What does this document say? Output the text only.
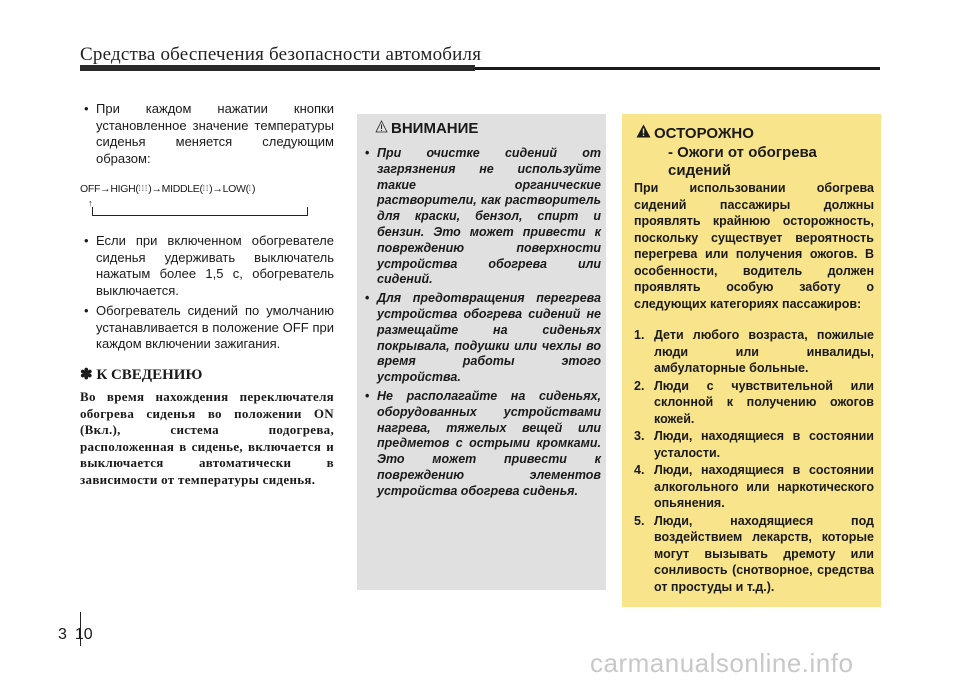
Средства обеспечения безопасности автомобиля

• При каждом нажатии кнопки установленное значение температуры сиденья меняется следующим образом:

OFF→HIGH(⁞⁞⁞)→MIDDLE(⁞⁞)→LOW(⁞)
↑

• Если при включенном обогревателе сиденья удерживать выключатель нажатым более 1,5 с, обогреватель выключается.

• Обогреватель сидений по умолчанию устанавливается в положение OFF при каждом включении зажигания.

✽ К СВЕДЕНИЮ
Во время нахождения переключателя обогрева сиденья во положении ON (Вкл.), система подогрева, расположенная в сиденье, включается и выключается автоматически в зависимости от температуры сиденья.
ВНИМАНИЕ
• При очистке сидений от загрязнения не используйте такие органические растворители, как растворитель для краски, бензол, спирт и бензин. Это может привести к повреждению поверхности устройства обогрева или сидений.
• Для предотвращения перегрева устройства обогрева сидений не размещайте на сиденьях покрывала, подушки или чехлы во время работы этого устройства.
• Не располагайте на сиденьях, оборудованных устройствами нагрева, тяжелых вещей или предметов с острыми кромками. Это может привести к повреждению элементов устройства обогрева сиденья.
ОСТОРОЖНО
- Ожоги от обогрева сидений
При использовании обогрева сидений пассажиры должны проявлять крайнюю осторожность, поскольку существует вероятность перегрева или получения ожогов. В особенности, водитель должен проявлять особую заботу о следующих категориях пассажиров:
1. Дети любого возраста, пожилые люди или инвалиды, амбулаторные больные.
2. Люди с чувствительной или склонной к получению ожогов кожей.
3. Люди, находящиеся в состоянии усталости.
4. Люди, находящиеся в состоянии алкогольного или наркотического опьянения.
5. Люди, находящиеся под воздействием лекарств, которые могут вызывать дремоту или сонливость (снотворное, средства от простуды и т.д.).
3 10
carmanualsonline.info
